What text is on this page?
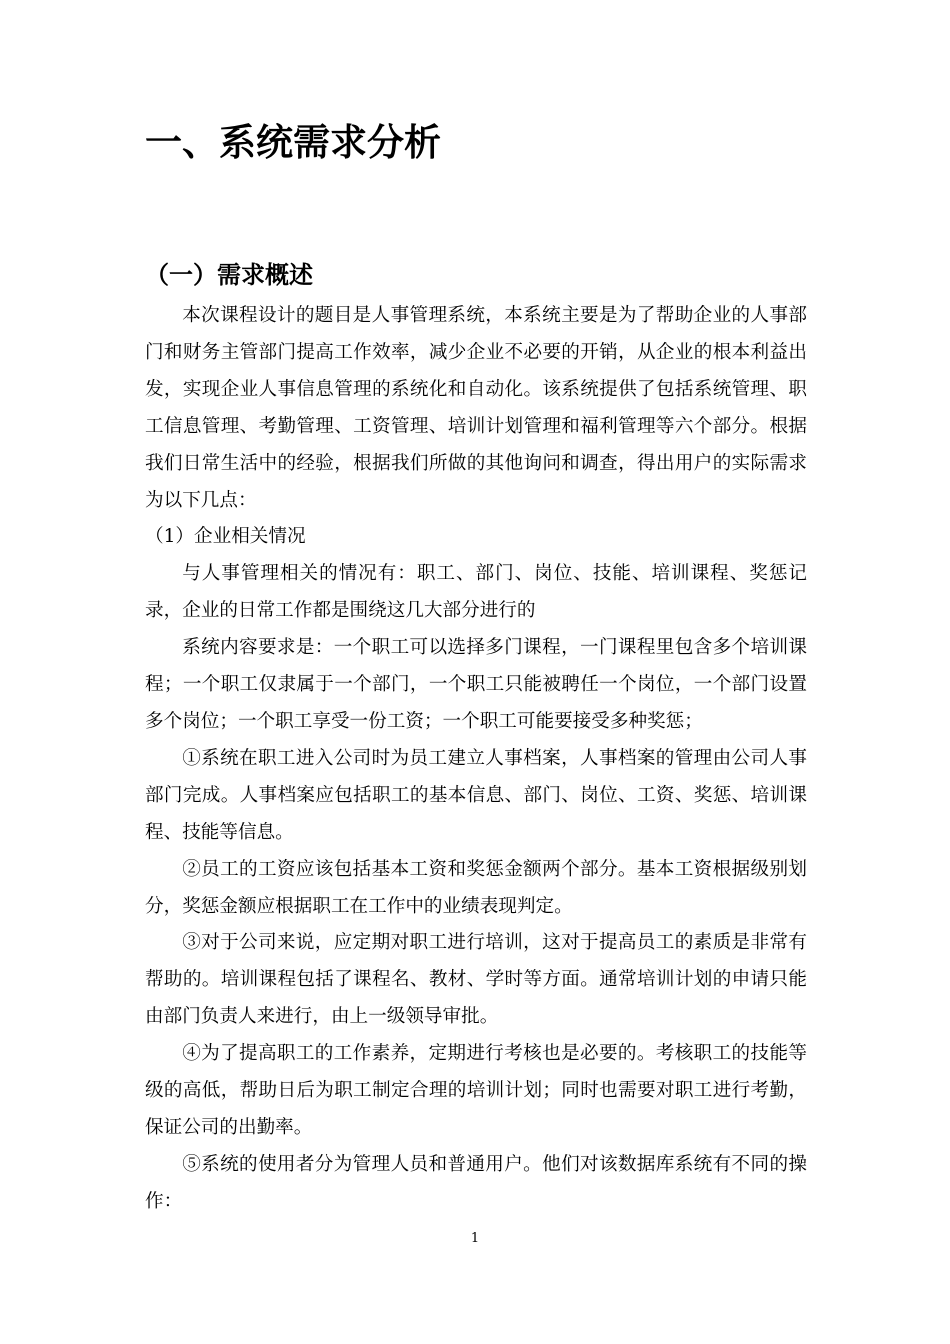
一、系统需求分析
（一）需求概述

本次课程设计的题目是人事管理系统，本系统主要是为了帮助企业的人事部门和财务主管部门提高工作效率，减少企业不必要的开销，从企业的根本利益出发，实现企业人事信息管理的系统化和自动化。该系统提供了包括系统管理、职工信息管理、考勤管理、工资管理、培训计划管理和福利管理等六个部分。根据我们日常生活中的经验，根据我们所做的其他询问和调查，得出用户的实际需求为以下几点：

（1）企业相关情况

与人事管理相关的情况有：职工、部门、岗位、技能、培训课程、奖惩记录，企业的日常工作都是围绕这几大部分进行的

系统内容要求是：一个职工可以选择多门课程，一门课程里包含多个培训课程；一个职工仅隶属于一个部门，一个职工只能被聘任一个岗位，一个部门设置多个岗位；一个职工享受一份工资；一个职工可能要接受多种奖惩；

①系统在职工进入公司时为员工建立人事档案，人事档案的管理由公司人事部门完成。人事档案应包括职工的基本信息、部门、岗位、工资、奖惩、培训课程、技能等信息。

②员工的工资应该包括基本工资和奖惩金额两个部分。基本工资根据级别划分，奖惩金额应根据职工在工作中的业绩表现判定。

③对于公司来说，应定期对职工进行培训，这对于提高员工的素质是非常有帮助的。培训课程包括了课程名、教材、学时等方面。通常培训计划的申请只能由部门负责人来进行，由上一级领导审批。

④为了提高职工的工作素养，定期进行考核也是必要的。考核职工的技能等级的高低，帮助日后为职工制定合理的培训计划；同时也需要对职工进行考勤，保证公司的出勤率。

⑤系统的使用者分为管理人员和普通用户。他们对该数据库系统有不同的操作：

1
